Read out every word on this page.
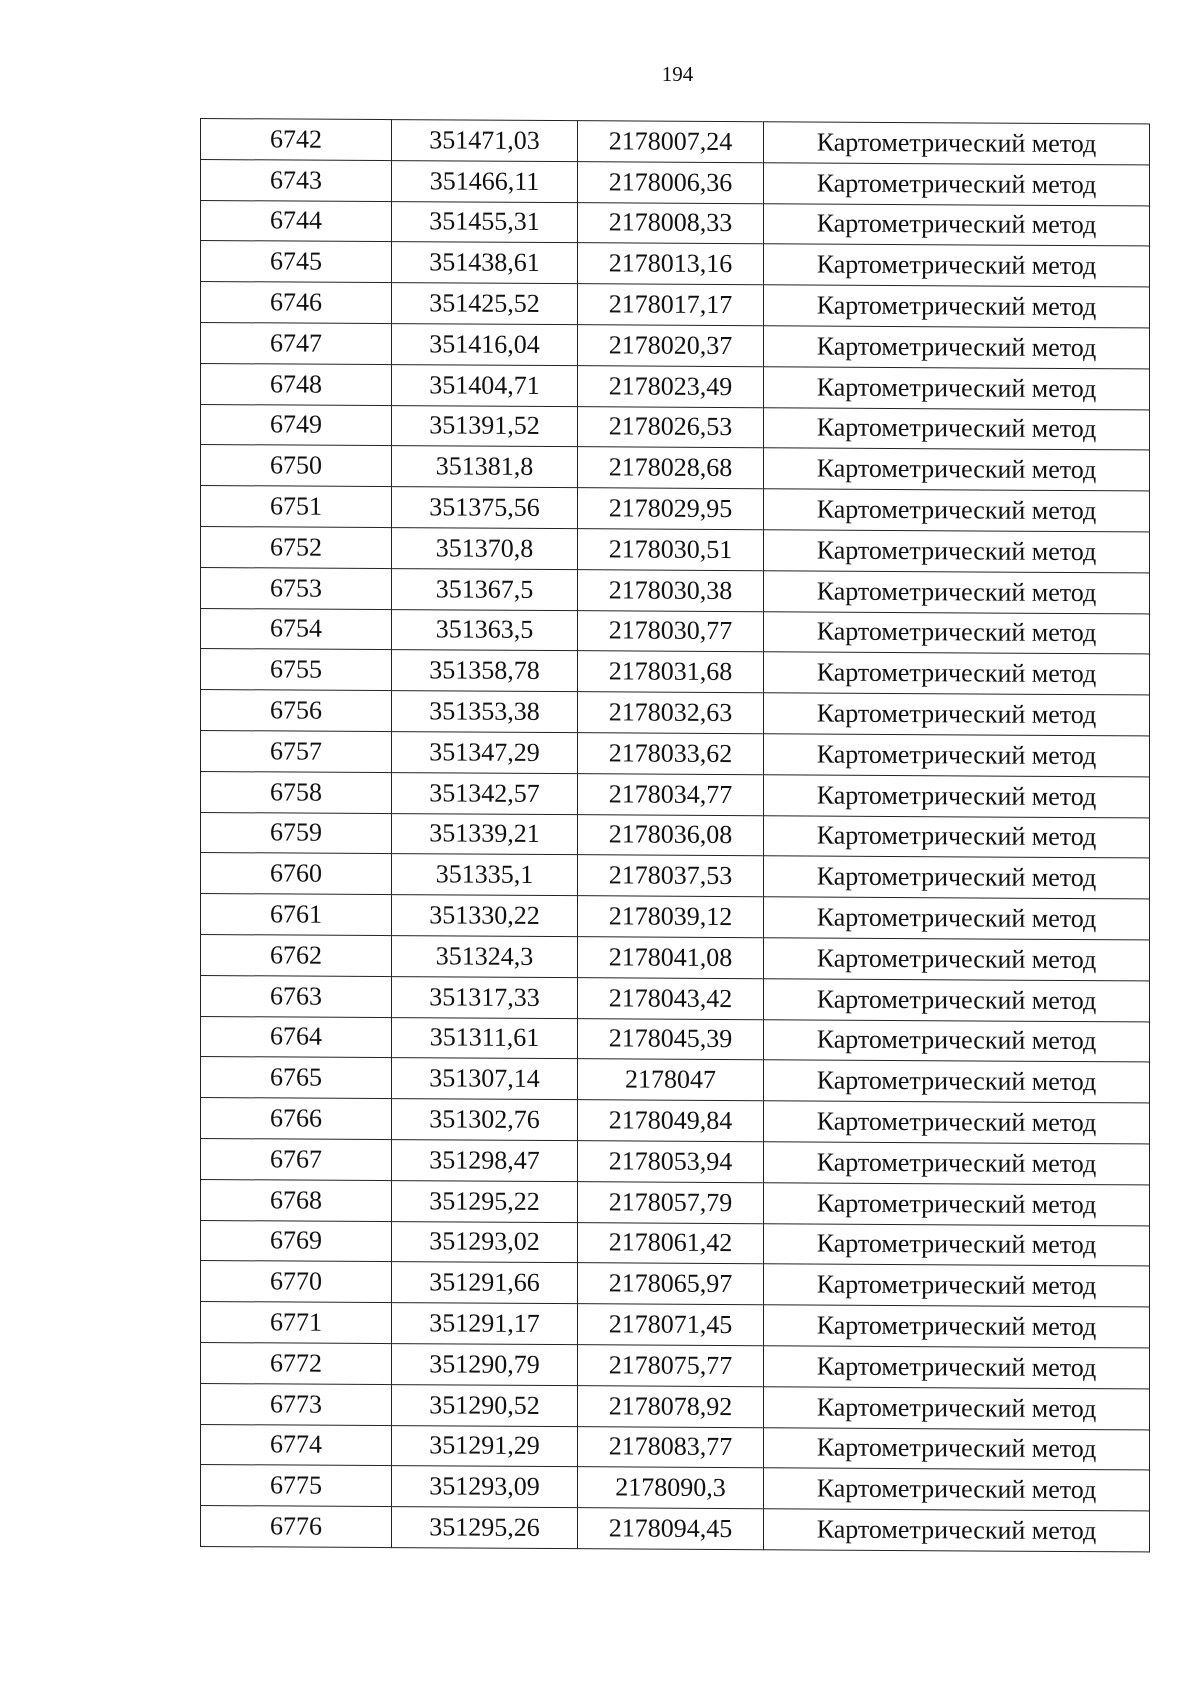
194
6742	351471,03	2178007,24	Картометрический метод
6743	351466,11	2178006,36	Картометрический метод
6744	351455,31	2178008,33	Картометрический метод
6745	351438,61	2178013,16	Картометрический метод
6746	351425,52	2178017,17	Картометрический метод
6747	351416,04	2178020,37	Картометрический метод
6748	351404,71	2178023,49	Картометрический метод
6749	351391,52	2178026,53	Картометрический метод
6750	351381,8	2178028,68	Картометрический метод
6751	351375,56	2178029,95	Картометрический метод
6752	351370,8	2178030,51	Картометрический метод
6753	351367,5	2178030,38	Картометрический метод
6754	351363,5	2178030,77	Картометрический метод
6755	351358,78	2178031,68	Картометрический метод
6756	351353,38	2178032,63	Картометрический метод
6757	351347,29	2178033,62	Картометрический метод
6758	351342,57	2178034,77	Картометрический метод
6759	351339,21	2178036,08	Картометрический метод
6760	351335,1	2178037,53	Картометрический метод
6761	351330,22	2178039,12	Картометрический метод
6762	351324,3	2178041,08	Картометрический метод
6763	351317,33	2178043,42	Картометрический метод
6764	351311,61	2178045,39	Картометрический метод
6765	351307,14	2178047	Картометрический метод
6766	351302,76	2178049,84	Картометрический метод
6767	351298,47	2178053,94	Картометрический метод
6768	351295,22	2178057,79	Картометрический метод
6769	351293,02	2178061,42	Картометрический метод
6770	351291,66	2178065,97	Картометрический метод
6771	351291,17	2178071,45	Картометрический метод
6772	351290,79	2178075,77	Картометрический метод
6773	351290,52	2178078,92	Картометрический метод
6774	351291,29	2178083,77	Картометрический метод
6775	351293,09	2178090,3	Картометрический метод
6776	351295,26	2178094,45	Картометрический метод
